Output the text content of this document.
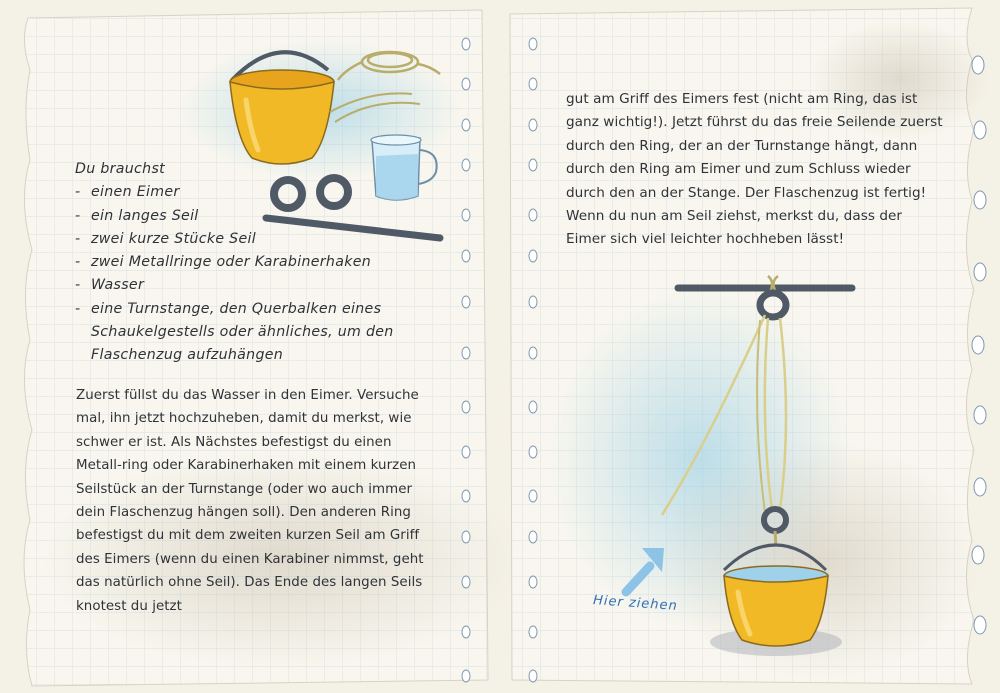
Du brauchst

- einen Eimer
- ein langes Seil
- zwei kurze Stücke Seil
- zwei Metallringe oder Karabinerhaken
- Wasser
- eine Turnstange, den Querbalken eines Schaukelgestells oder ähnliches, um den Flaschenzug aufzuhängen

Zuerst füllst du das Wasser in den Eimer. Versuche mal, ihn jetzt hochzuheben, damit du merkst, wie schwer er ist. Als Nächstes befestigst du einen Metall-ring oder Karabinerhaken mit einem kurzen Seilstück an der Turnstange (oder wo auch immer dein Flaschenzug hängen soll). Den anderen Ring befestigst du mit dem zweiten kurzen Seil am Griff des Eimers (wenn du einen Karabiner nimmst, geht das natürlich ohne Seil). Das Ende des langen Seils knotest du jetzt

gut am Griff des Eimers fest (nicht am Ring, das ist ganz wichtig!). Jetzt führst du das freie Seilende zuerst durch den Ring, der an der Turnstange hängt, dann durch den Ring am Eimer und zum Schluss wieder durch den an der Stange. Der Flaschenzug ist fertig! Wenn du nun am Seil ziehst, merkst du, dass der Eimer sich viel leichter hochheben lässt!

Hier ziehen
